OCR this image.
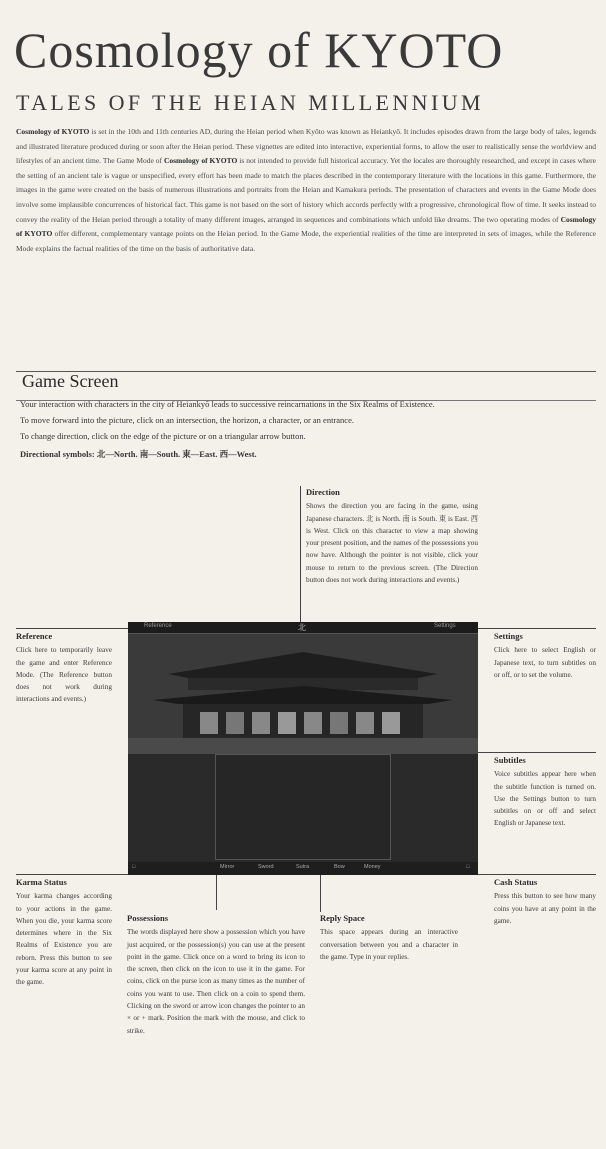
Cosmology of KYOTO
TALES OF THE HEIAN MILLENNIUM
Cosmology of KYOTO is set in the 10th and 11th centuries AD, during the Heian period when Kyōto was known as Heiankyō. It includes episodes drawn from the large body of tales, legends and illustrated literature produced during or soon after the Heian period. These vignettes are edited into interactive, experiential forms, to allow the user to realistically sense the worldview and lifestyles of an ancient time. The Game Mode of Cosmology of KYOTO is not intended to provide full historical accuracy. Yet the locales are thoroughly researched, and except in cases where the setting of an ancient tale is vague or unspecified, every effort has been made to match the places described in the contemporary literature with the locations in this game. Furthermore, the images in the game were created on the basis of numerous illustrations and portraits from the Heian and Kamakura periods. The presentation of characters and events in the Game Mode does involve some implausible concurrences of historical fact. This game is not based on the sort of history which accords perfectly with a progressive, chronological flow of time. It seeks instead to convey the reality of the Heian period through a totality of many different images, arranged in sequences and combinations which unfold like dreams. The two operating modes of Cosmology of KYOTO offer different, complementary vantage points on the Heian period. In the Game Mode, the experiential realities of the time are interpreted in sets of images, while the Reference Mode explains the factual realities of the time on the basis of authoritative data.
Game Screen
Your interaction with characters in the city of Heiankyō leads to successive reincarnations in the Six Realms of Existence.
To move forward into the picture, click on an intersection, the horizon, a character, or an entrance.
To change direction, click on the edge of the picture or on a triangular arrow button.
Directional symbols: 北—North. 南—South. 東—East. 西—West.
Direction
Shows the direction you are facing in the game, using Japanese characters. 北 is North. 南 is South. 東 is East. 西 is West. Click on this character to view a map showing your present position, and the names of the possessions you now have. Although the pointer is not visible, click your mouse to return to the previous screen. (The Direction button does not work during interactions and events.)
Reference
Click here to temporarily leave the game and enter Reference Mode. (The Reference button does not work during interactions and events.)
Settings
Click here to select English or Japanese text, to turn subtitles on or off, or to set the volume.
Subtitles
Voice subtitles appear here when the subtitle function is turned on. Use the Settings button to turn subtitles on or off and select English or Japanese text.
Karma Status
Your karma changes according to your actions in the game. When you die, your karma score determines where in the Six Realms of Existence you are reborn. Press this button to see your karma score at any point in the game.
Possessions
The words displayed here show a possession which you have just acquired, or the possession(s) you can use at the present point in the game. Click once on a word to bring its icon to the screen, then click on the icon to use it in the game. For coins, click on the purse icon as many times as the number of coins you want to use. Then click on a coin to spend them. Clicking on the sword or arrow icon changes the pointer to an × or + mark. Position the mark with the mouse, and click to strike.
Reply Space
This space appears during an interactive conversation between you and a character in the game. Type in your replies.
Cash Status
Press this button to see how many coins you have at any point in the game.
Reference	北	Settings
□	Mirror	Sword	Sutra	Bow	Money	□
